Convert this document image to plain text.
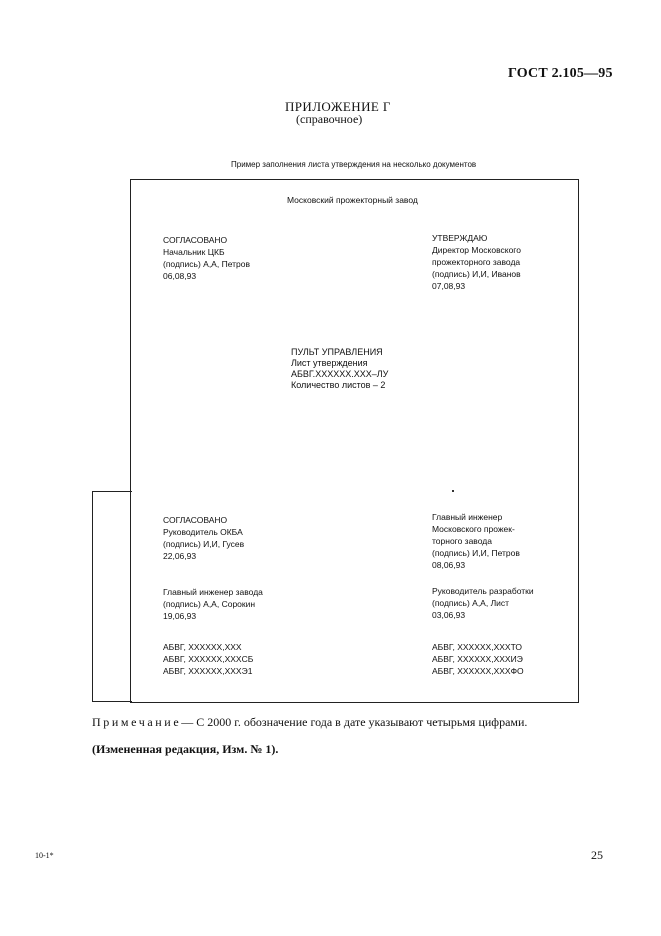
ГОСТ 2.105—95
ПРИЛОЖЕНИЕ Г
(справочное)
Пример заполнения листа утверждения на несколько документов
Московский прожекторный завод
СОГЛАСОВАНО
Начальник ЦКБ
(подпись) А,А, Петров
06,08,93
УТВЕРЖДАЮ
Директор Московского
прожекторного завода
(подпись) И,И, Иванов
07,08,93
ПУЛЬТ УПРАВЛЕНИЯ
Лист утверждения
АБВГ.XXXXXX.XXX–ЛУ
Количество листов – 2
СОГЛАСОВАНО
Руководитель ОКБА
(подпись) И,И, Гусев
22,06,93
Главный инженер
Московского прожек-
торного завода
(подпись) И,И, Петров
08,06,93
Главный инженер завода
(подпись) А,А, Сорокин
19,06,93
Руководитель разработки
(подпись) А,А, Лист
03,06,93
АБВГ, XXXXXX,XXX
АБВГ, XXXXXX,XXXСБ
АБВГ, XXXXXX,XXXЭ1
АБВГ, XXXXXX,XXXТО
АБВГ, XXXXXX,XXXИЭ
АБВГ, XXXXXX,XXXФО
Примечание— С 2000 г. обозначение года в дате указывают четырьмя цифрами.
(Измененная редакция, Изм. № 1).
10-1*	25
